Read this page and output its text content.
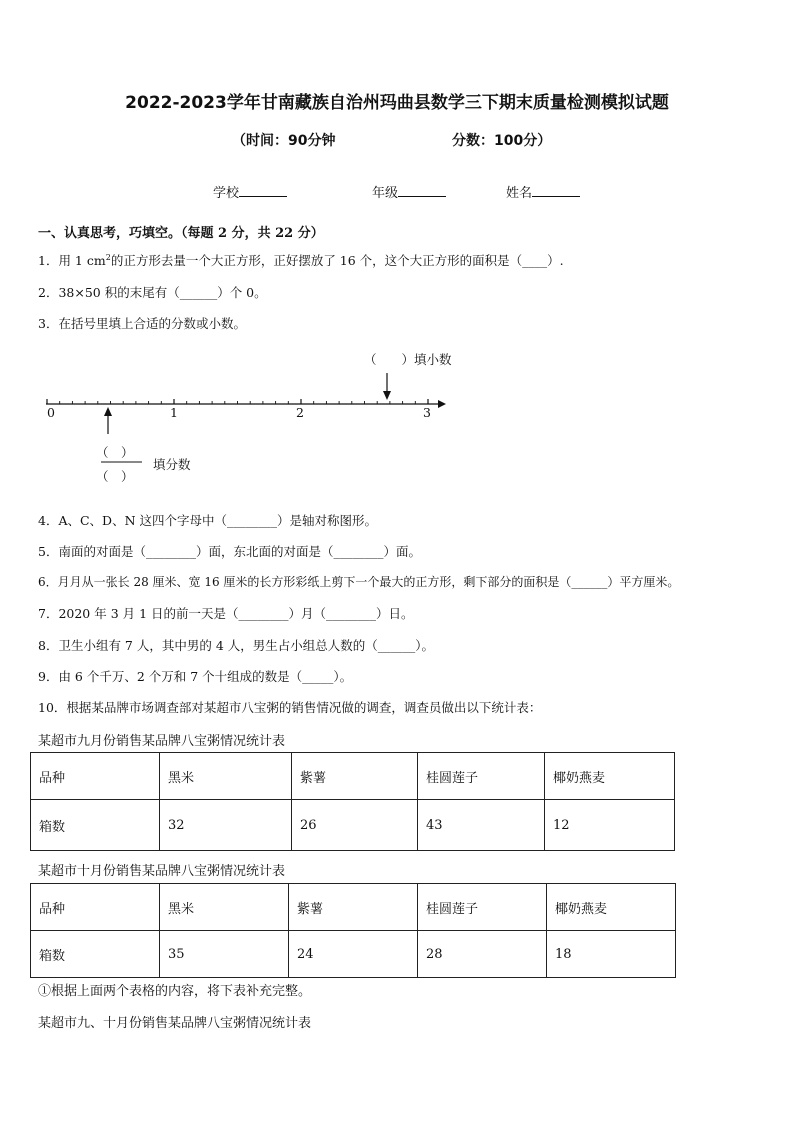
2022-2023学年甘南藏族自治州玛曲县数学三下期末质量检测模拟试题
（时间：90分钟	分数：100分）
学校	年级	姓名
一、认真思考，巧填空。（每题 2 分，共 22 分）
1．用 1 $cm^2$的正方形去量一个大正方形，正好摆放了 16 个，这个大正方形的面积是（____）.
2．38×50 积的末尾有（______）个 0。
3．在括号里填上合适的分数或小数。
（　　）填小数
0	1	2	3
（　）
（　）
填分数
4．A、C、D、N 这四个字母中（________）是轴对称图形。
5．南面的对面是（________）面，东北面的对面是（________）面。
6．月月从一张长 28 厘米、宽 16 厘米的长方形彩纸上剪下一个最大的正方形，剩下部分的面积是（______）平方厘米。
7．2020 年 3 月 1 日的前一天是（________）月（________）日。
8．卫生小组有 7 人，其中男的 4 人，男生占小组总人数的（______）。
9．由 6 个千万、2 个万和 7 个十组成的数是（_____）。
10．根据某品牌市场调查部对某超市八宝粥的销售情况做的调查，调查员做出以下统计表：
某超市九月份销售某品牌八宝粥情况统计表
品种	黑米	紫薯	桂圆莲子	椰奶燕麦
箱数	32	26	43	12
某超市十月份销售某品牌八宝粥情况统计表
品种	黑米	紫薯	桂圆莲子	椰奶燕麦
箱数	35	24	28	18
①根据上面两个表格的内容，将下表补充完整。
某超市九、十月份销售某品牌八宝粥情况统计表
